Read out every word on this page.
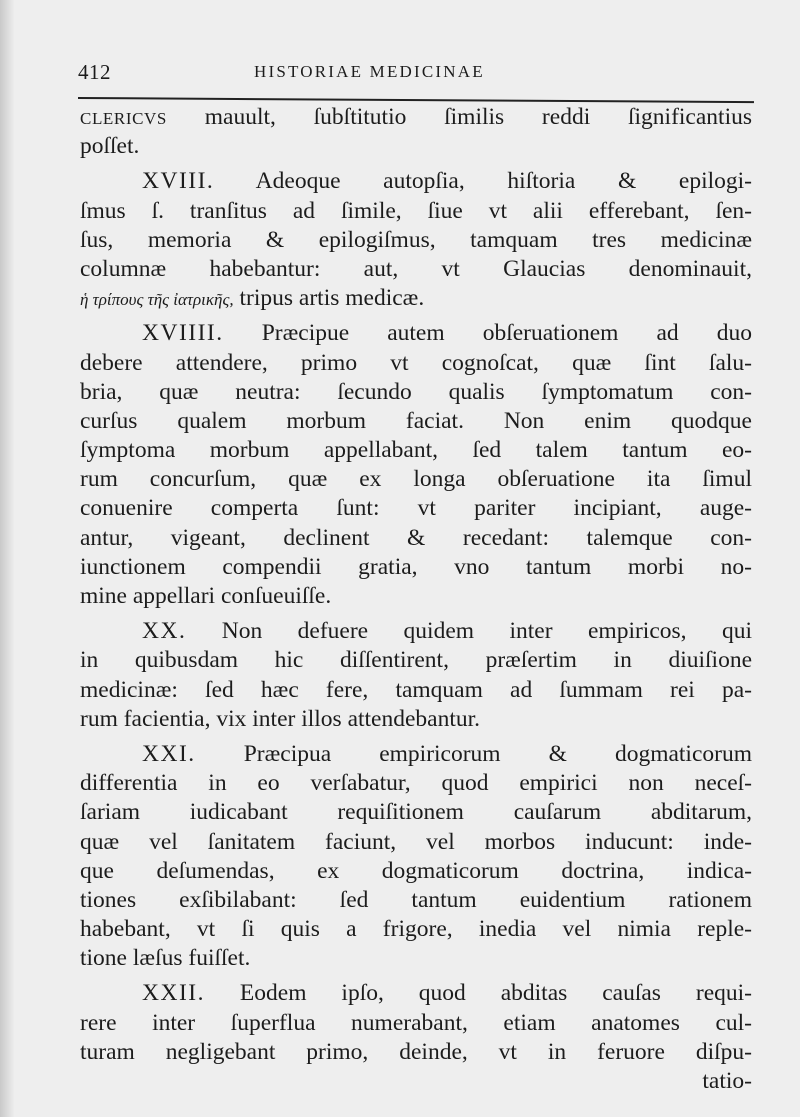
412	HISTORIAE MEDICINAE
CLERICVS mauult, ſubſtitutio ſimilis reddi ſignificantius
poſſet.
XVIII. Adeoque autopſia, hiſtoria & epilogi-
ſmus ſ. tranſitus ad ſimile, ſiue vt alii efferebant, ſen-
ſus, memoria & epilogiſmus, tamquam tres medicinæ
columnæ habebantur: aut, vt Glaucias denominauit,
ἡ τρίπους τῆς ἰατρικῆς, tripus artis medicæ.
XVIIII. Præcipue autem obſeruationem ad duo
debere attendere, primo vt cognoſcat, quæ ſint ſalu-
bria, quæ neutra: ſecundo qualis ſymptomatum con-
curſus qualem morbum faciat. Non enim quodque
ſymptoma morbum appellabant, ſed talem tantum eo-
rum concurſum, quæ ex longa obſeruatione ita ſimul
conuenire comperta ſunt: vt pariter incipiant, auge-
antur, vigeant, declinent & recedant: talemque con-
iunctionem compendii gratia, vno tantum morbi no-
mine appellari conſueuiſſe.
XX. Non defuere quidem inter empiricos, qui
in quibusdam hic diſſentirent, præſertim in diuiſione
medicinæ: ſed hæc fere, tamquam ad ſummam rei pa-
rum facientia, vix inter illos attendebantur.
XXI. Præcipua empiricorum & dogmaticorum
differentia in eo verſabatur, quod empirici non neceſ-
ſariam iudicabant requiſitionem cauſarum abditarum,
quæ vel ſanitatem faciunt, vel morbos inducunt: inde-
que deſumendas, ex dogmaticorum doctrina, indica-
tiones exſibilabant: ſed tantum euidentium rationem
habebant, vt ſi quis a frigore, inedia vel nimia reple-
tione læſus fuiſſet.
XXII. Eodem ipſo, quod abditas cauſas requi-
rere inter ſuperflua numerabant, etiam anatomes cul-
turam negligebant primo, deinde, vt in feruore diſpu-
tatio-
